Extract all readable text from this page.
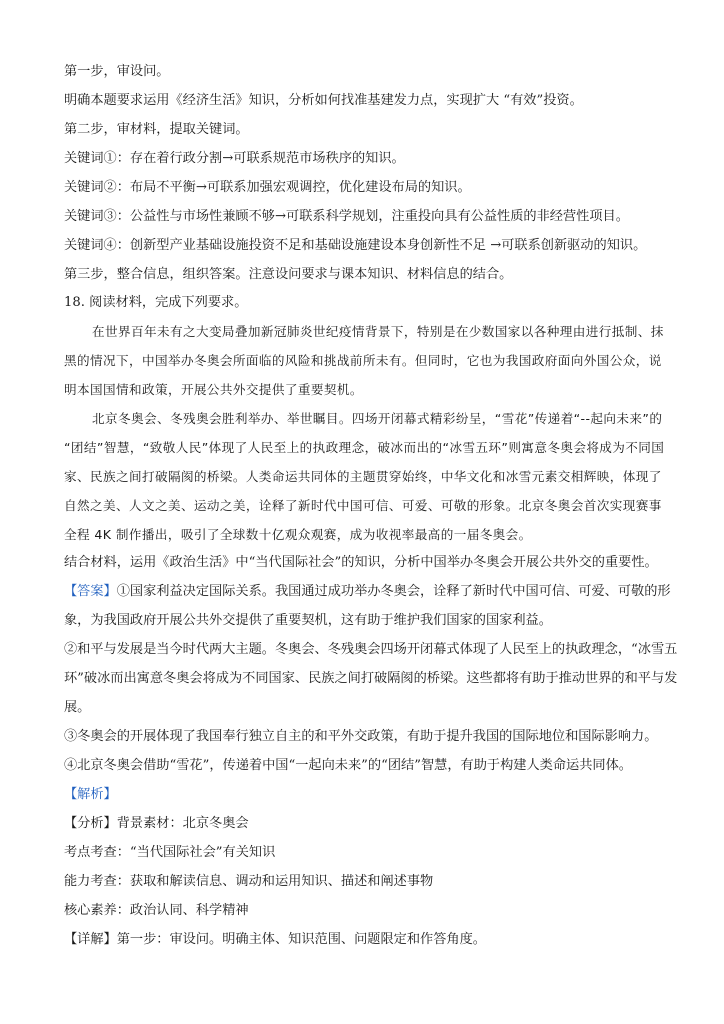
第一步，审设问。
明确本题要求运用《经济生活》知识，分析如何找准基建发力点，实现扩大 “有效”投资。
第二步，审材料，提取关键词。
关键词①：存在着行政分割→可联系规范市场秩序的知识。
关键词②：布局不平衡→可联系加强宏观调控，优化建设布局的知识。
关键词③：公益性与市场性兼顾不够→可联系科学规划，注重投向具有公益性质的非经营性项目。
关键词④：创新型产业基础设施投资不足和基础设施建设本身创新性不足 →可联系创新驱动的知识。
第三步，整合信息，组织答案。注意设问要求与课本知识、材料信息的结合。
18. 阅读材料，完成下列要求。
在世界百年未有之大变局叠加新冠肺炎世纪疫情背景下，特别是在少数国家以各种理由进行抵制、抹
黑的情况下，中国举办冬奥会所面临的风险和挑战前所未有。但同时，它也为我国政府面向外国公众，说
明本国国情和政策，开展公共外交提供了重要契机。
北京冬奥会、冬残奥会胜利举办、举世瞩目。四场开闭幕式精彩纷呈，“雪花”传递着“--起向未来”的
“团结”智慧，“致敬人民”体现了人民至上的执政理念，破冰而出的“冰雪五环”则寓意冬奥会将成为不同国
家、民族之间打破隔阂的桥梁。人类命运共同体的主题贯穿始终，中华文化和冰雪元素交相辉映，体现了
自然之美、人文之美、运动之美，诠释了新时代中国可信、可爱、可敬的形象。北京冬奥会首次实现赛事
全程 4K 制作播出，吸引了全球数十亿观众观赛，成为收视率最高的一届冬奥会。
结合材料，运用《政治生活》中“当代国际社会”的知识，分析中国举办冬奥会开展公共外交的重要性。
【答案】①国家利益决定国际关系。我国通过成功举办冬奥会，诠释了新时代中国可信、可爱、可敬的形
象，为我国政府开展公共外交提供了重要契机，这有助于维护我们国家的国家利益。
②和平与发展是当今时代两大主题。冬奥会、冬残奥会四场开闭幕式体现了人民至上的执政理念，“冰雪五
环”破冰而出寓意冬奥会将成为不同国家、民族之间打破隔阂的桥梁。这些都将有助于推动世界的和平与发
展。
③冬奥会的开展体现了我国奉行独立自主的和平外交政策，有助于提升我国的国际地位和国际影响力。
④北京冬奥会借助“雪花”，传递着中国“一起向未来”的“团结”智慧，有助于构建人类命运共同体。
【解析】
【分析】背景素材：北京冬奥会
考点考查：“当代国际社会”有关知识
能力考查：获取和解读信息、调动和运用知识、描述和阐述事物
核心素养：政治认同、科学精神
【详解】第一步：审设问。明确主体、知识范围、问题限定和作答角度。
